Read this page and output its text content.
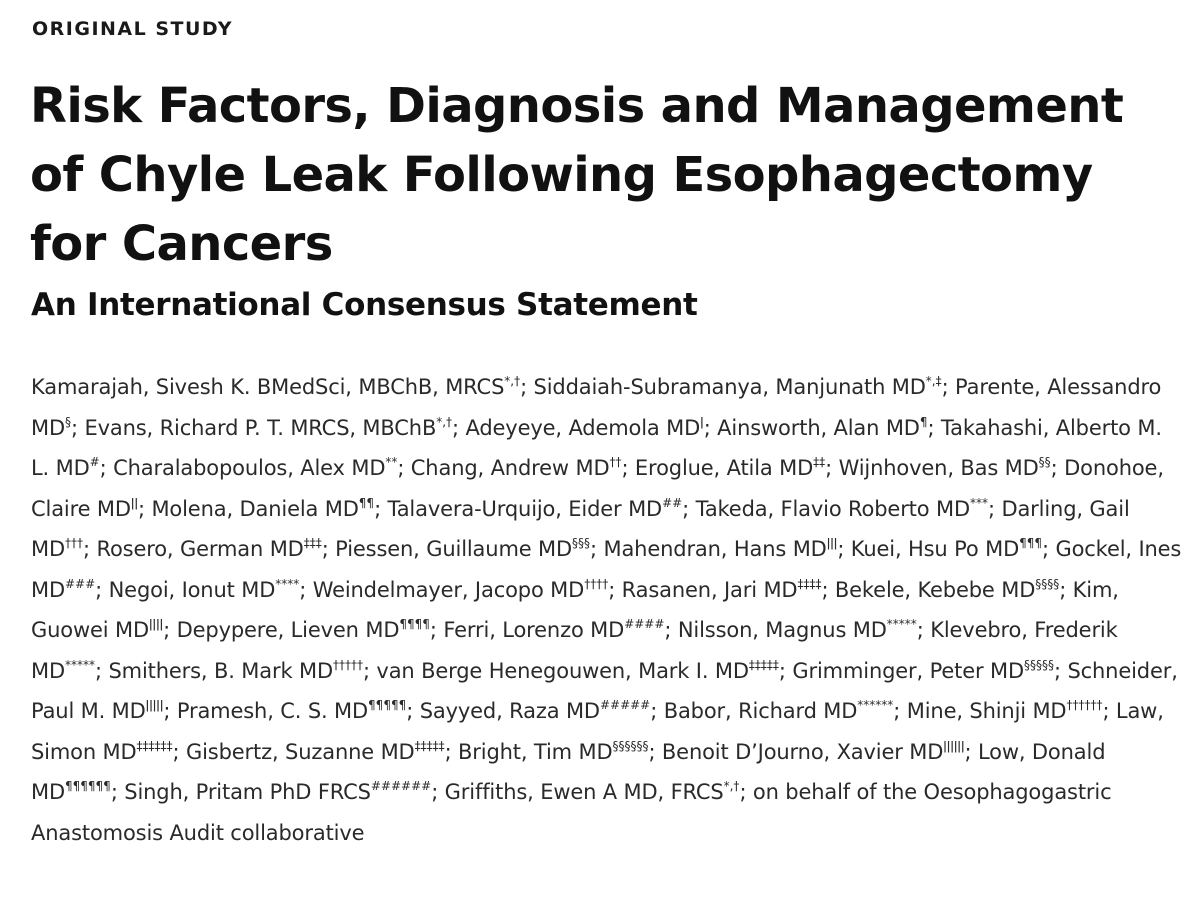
ORIGINAL STUDY
Risk Factors, Diagnosis and Management of Chyle Leak Following Esophagectomy for Cancers
An International Consensus Statement

Kamarajah, Sivesh K. BMedSci, MBChB, MRCS*,†; Siddaiah-Subramanya, Manjunath MD*,‡; Parente, Alessandro MD§; Evans, Richard P. T. MRCS, MBChB*,†; Adeyeye, Ademola $MD^ǀ$; Ainsworth, Alan MD¶; Takahashi, Alberto M. L. MD#; Charalabopoulos, Alex MD**; Chang, Andrew MD††; Eroglue, Atila MD‡‡; Wijnhoven, Bas MD§§; Donohoe, Claire $MD^{ǀǀ}$; Molena, Daniela MD¶¶; Talavera-Urquijo, Eider MD##; Takeda, Flavio Roberto MD***; Darling, Gail MD†††; Rosero, German MD‡‡‡; Piessen, Guillaume MD§§§; Mahendran, Hans $MD^{ǀǀǀ}$; Kuei, Hsu Po MD¶¶¶; Gockel, Ines MD###; Negoi, Ionut MD****; Weindelmayer, Jacopo MD††††; Rasanen, Jari MD‡‡‡‡; Bekele, Kebebe MD§§§§; Kim, Guowei $MD^{ǀǀǀǀ}$; Depypere, Lieven MD¶¶¶¶; Ferri, Lorenzo MD####; Nilsson, Magnus MD*****; Klevebro, Frederik MD*****; Smithers, B. Mark MD†††††; van Berge Henegouwen, Mark I. MD‡‡‡‡‡; Grimminger, Peter MD§§§§§; Schneider, Paul M. $MD^{ǀǀǀǀǀ}$; Pramesh, C. S. MD¶¶¶¶¶; Sayyed, Raza MD#####; Babor, Richard MD******; Mine, Shinji MD††††††; Law, Simon MD‡‡‡‡‡‡; Gisbertz, Suzanne MD‡‡‡‡‡; Bright, Tim MD§§§§§§; Benoit D’Journo, Xavier $MD^{ǀǀǀǀǀǀ}$; Low, Donald MD¶¶¶¶¶¶; Singh, Pritam PhD FRCS######; Griffiths, Ewen A MD, FRCS*,†; on behalf of the Oesophagogastric Anastomosis Audit collaborative
